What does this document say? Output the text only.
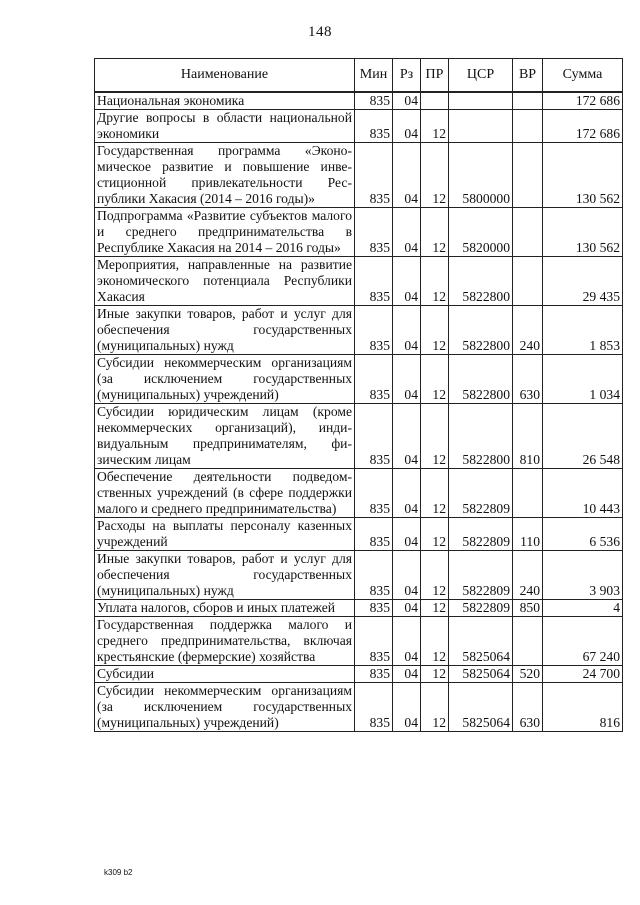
148
Наименование	Мин	Рз	ПР	ЦСР	ВР	Сумма
Национальная экономика	835	04				172 686
Другие вопросы в области национальной экономики	835	04	12			172 686
Государственная программа «Экономическое развитие и повышение инвестиционной привлекательности Республики Хакасия (2014 – 2016 годы)»	835	04	12	5800000		130 562
Подпрограмма «Развитие субъектов малого и среднего предпринимательства в Республике Хакасия на 2014 – 2016 годы»	835	04	12	5820000		130 562
Мероприятия, направленные на развитие экономического потенциала Республики Хакасия	835	04	12	5822800		29 435
Иные закупки товаров, работ и услуг для обеспечения государственных (муниципальных) нужд	835	04	12	5822800	240	1 853
Субсидии некоммерческим организациям (за исключением государственных (муниципальных) учреждений)	835	04	12	5822800	630	1 034
Субсидии юридическим лицам (кроме некоммерческих организаций), индивидуальным предпринимателям, физическим лицам	835	04	12	5822800	810	26 548
Обеспечение деятельности подведомственных учреждений (в сфере поддержки малого и среднего предпринимательства)	835	04	12	5822809		10 443
Расходы на выплаты персоналу казенных учреждений	835	04	12	5822809	110	6 536
Иные закупки товаров, работ и услуг для обеспечения государственных (муниципальных) нужд	835	04	12	5822809	240	3 903
Уплата налогов, сборов и иных платежей	835	04	12	5822809	850	4
Государственная поддержка малого и среднего предпринимательства, включая крестьянские (фермерские) хозяйства	835	04	12	5825064		67 240
Субсидии	835	04	12	5825064	520	24 700
Субсидии некоммерческим организациям (за исключением государственных (муниципальных) учреждений)	835	04	12	5825064	630	816
k309 b2
